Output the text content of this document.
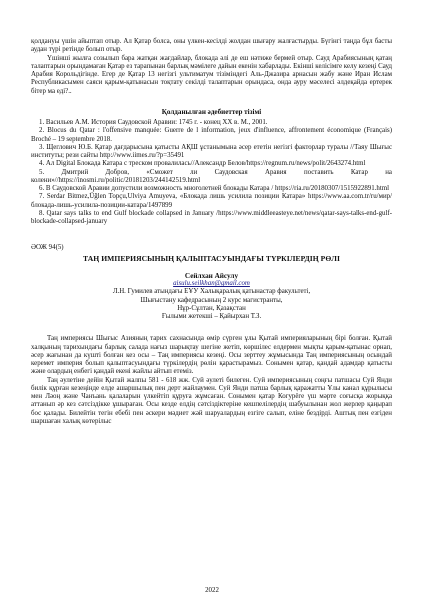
қолдануы үшін айыптап отыр. Ал Қатар болса, оны үлкен-кесілді жолдан шығару жалғастырды. Бүгінгі таңда бұл басты аудан түрі ретінде болып отыр.

Үшінші жылға созылып бара жатқан жағдайлар, блокада әлі де еш нәтиже бермей отыр. Сауд Арабиясының қатаң талаптарын орындамаған Қатар ез тарапынан барлық мәмілеге дайын екенін хабарлады. Екінші келісімге келу кезеңі Сауд Арабия Корольдігінде. Егер де Қатар 13 негізгі ультиматум тізіміндегі Аль-Джазира арнасын жабу және Иран Ислам Республикасымен саяси қарым-қатынасын тоқтату секілді талаптарын орындаса, онда ауру мәселесі әлдеқайда ертерек бітер ма еді?..

Қолданылған әдебиеттер тізімі

1. Васильев А.М. История Саудовской Аравии: 1745 г. - конец XX в. М., 2001.

2. Blocus du Qatar : l'offensive manquée: Guerre de l information, jeux d'influence, affrontement économique (Français) Broché – 19 septembre 2018.

3. Щеглович Ю.Б. Қатар дағдарысына қатысты АҚШ ұстанымына әсер ететін негізгі факторлар туралы //Таяу Шығыс институты; рези сайты http://www.iimes.ru/?p=35491

4. Ал Digital Блокада Катара с треском провалилась//Александр Белов/https://regnum.ru/news/polit/2643274.html

5. Дмитрий Добров, «Сможет ли Саудовская Аравия поставить Катар на колени»//https://inosmi.ru/politic/20181203/244142519.html

6. В Саудовской Аравии допустили возможность многолетней блокады Катара / https://ria.ru/20180307/1515922891.html

7. Serdar Bitmez,Üğlen Topçu,Ulviya Amuyeva, «Блокада лишь усилила позиции Катара» https://www.aa.com.tr/ru/мир/блокада-лишь-усилила-позиции-катара/1497899

8. Qatar says talks to end Gulf blockade collapsed in January /https://www.middleeasteye.net/news/qatar-says-talks-end-gulf-blockade-collapsed-january

ӘОЖ 94(5)
ТАҢ ИМПЕРИЯСЫНЫҢ ҚАЛЫПТАСУЫНДАҒЫ ТҮРКІЛЕРДІҢ РӨЛІ
Сейлхан Айсулу
aisulu.seilkhan@gmail.com
Л.Н. Гумилев атындағы ЕҰУ Халықаралық қатынастар факультеті,
Шығыстану кафедрасының 2 курс магистранты,
Нұр-Сұлтан, Қазақстан
Ғылыми жетекші – Қайырхан Т.З.

Таң империясы Шығыс Азияның тарих сахнасында өмір сүрген ұлы Қытай империяларының бірі болған. Қытай халқының тарихындағы барлық салада нағыз шарықтау шегіне жетіп, көршілес елдермен мықты қарым-қатынас орнап, әсер жағынан да күшті болған кез осы – Таң империясы кезеңі. Осы зерттеу жұмысында Таң империясының осындай керемет империя болып қалыптасуындағы түркілердің рөлін қарастырамыз. Сонымен қатар, қандай адамдар қатысты және олардың енбегі қандай екені жайлы айтып етеміз.

Таң әулетіне дейін Қытай жалпы 581 - 618 жж. Суй әулеті билеген. Суй империясының соңғы патшасы Суй Янди билік құрған кезеңінде елде ашаршылық пен дерт жайлаумен. Суй Янди патша барлық қаражатты Ұлы канал құрылысы мен Ләоң және Чанъань қалаларын үлкейтіп құруға жұмсаған. Сонымен қатар Когурёге үш мәрте соғысқа жорыққа аттанып әр кез сәтсіздікке ұшыраған. Осы кезде елдің сәтсіздіктеріне кешпелілердің шабуылынан жол жерлер қаңырап бос қалады. Билейтін тегін ебебі пен әскери мәдиет жәй шаруалардың езгіге салып, еліне бездірді. Аштық пен езгіден шаршаған халық көтерілыс

2022
